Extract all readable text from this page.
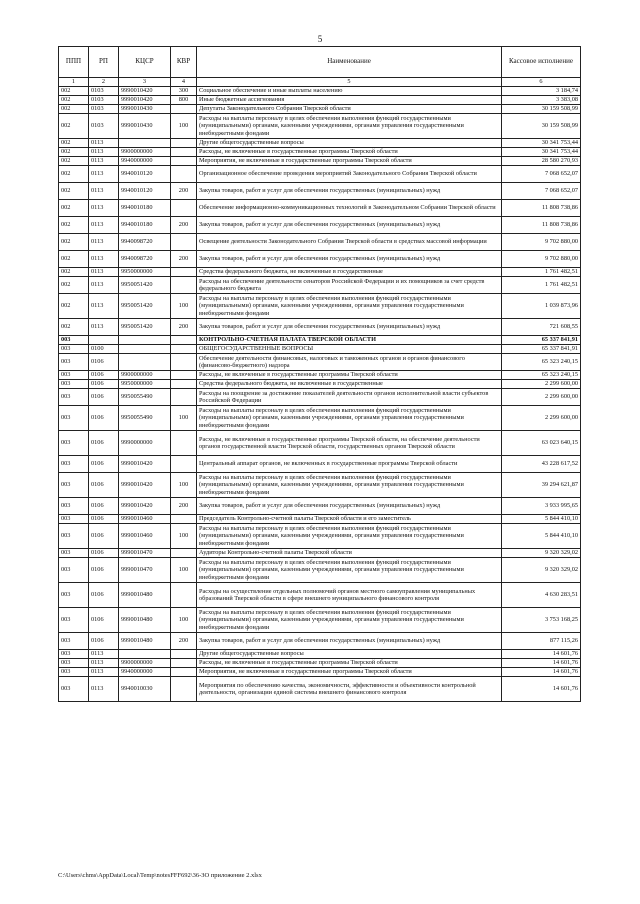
5
ППП	РП	КЦСР	КВР	Наименование	Кассовое исполнение
1	2	3	4	5	6
002	0103	9990010420	300	Социальное обеспечение и иные выплаты населению	3 184,74
002	0103	9990010420	800	Иные бюджетные ассигнования	3 383,08
002	0103	9990010430		Депутаты Законодательного Собрания Тверской области	30 159 508,99
002	0103	9990010430	100	Расходы на выплаты персоналу в целях обеспечения выполнения функций государственными (муниципальными) органами, казенными учреждениями, органами управления государственными внебюджетными фондами	30 159 508,99
002	0113			Другие общегосударственные вопросы	30 341 753,44
002	0113	9900000000		Расходы, не включенные в государственные программы Тверской области	30 341 753,44
002	0113	9940000000		Мероприятия, не включенные в государственные программы Тверской области	28 580 270,93
002	0113	9940010120		Организационное обеспечение проведения мероприятий Законодательного Собрания Тверской области	7 068 652,07
002	0113	9940010120	200	Закупка товаров, работ и услуг для обеспечения государственных (муниципальных) нужд	7 068 652,07
002	0113	9940010180		Обеспечение информационно-коммуникационных технологий в Законодательном Собрании Тверской области	11 808 738,86
002	0113	9940010180	200	Закупка товаров, работ и услуг для обеспечения государственных (муниципальных) нужд	11 808 738,86
002	0113	9940098720		Освещение деятельности Законодательного Собрания Тверской области в средствах массовой информации	9 702 880,00
002	0113	9940098720	200	Закупка товаров, работ и услуг для обеспечения государственных (муниципальных) нужд	9 702 880,00
002	0113	9950000000		Средства федерального бюджета, не включенные в государственные	1 761 482,51
002	0113	9950051420		Расходы на обеспечение деятельности сенаторов Российской Федерации и их помощников за счет средств федерального бюджета	1 761 482,51
002	0113	9950051420	100	Расходы на выплаты персоналу в целях обеспечения выполнения функций государственными (муниципальными) органами, казенными учреждениями, органами управления государственными внебюджетными фондами	1 039 873,96
002	0113	9950051420	200	Закупка товаров, работ и услуг для обеспечения государственных (муниципальных) нужд	721 608,55
003				КОНТРОЛЬНО-СЧЕТНАЯ ПАЛАТА ТВЕРСКОЙ ОБЛАСТИ	65 337 841,91
003	0100			ОБЩЕГОСУДАРСТВЕННЫЕ ВОПРОСЫ	65 337 841,91
003	0106			Обеспечение деятельности финансовых, налоговых и таможенных органов и органов финансового (финансово-бюджетного) надзора	65 323 240,15
003	0106	9900000000		Расходы, не включенные в государственные программы Тверской области	65 323 240,15
003	0106	9950000000		Средства федерального бюджета, не включенные в государственные	2 299 600,00
003	0106	9950055490		Расходы на поощрение за достижение показателей деятельности органов исполнительной власти субъектов Российской Федерации	2 299 600,00
003	0106	9950055490	100	Расходы на выплаты персоналу в целях обеспечения выполнения функций государственными (муниципальными) органами, казенными учреждениями, органами управления государственными внебюджетными фондами	2 299 600,00
003	0106	9990000000		Расходы, не включенные в государственные программы Тверской области, на обеспечение деятельности органов государственной власти Тверской области, государственных органов Тверской области	63 023 640,15
003	0106	9990010420		Центральный аппарат органов, не включенных в государственные программы Тверской области	43 228 617,52
003	0106	9990010420	100	Расходы на выплаты персоналу в целях обеспечения выполнения функций государственными (муниципальными) органами, казенными учреждениями, органами управления государственными внебюджетными фондами	39 294 621,87
003	0106	9990010420	200	Закупка товаров, работ и услуг для обеспечения государственных (муниципальных) нужд	3 933 995,65
003	0106	9990010460		Председатель Контрольно-счетной палаты Тверской области и его заместитель	5 844 410,10
003	0106	9990010460	100	Расходы на выплаты персоналу в целях обеспечения выполнения функций государственными (муниципальными) органами, казенными учреждениями, органами управления государственными внебюджетными фондами	5 844 410,10
003	0106	9990010470		Аудиторы Контрольно-счетной палаты Тверской области	9 320 329,02
003	0106	9990010470	100	Расходы на выплаты персоналу в целях обеспечения выполнения функций государственными (муниципальными) органами, казенными учреждениями, органами управления государственными внебюджетными фондами	9 320 329,02
003	0106	9990010480		Расходы на осуществление отдельных полномочий органов местного самоуправления муниципальных образований Тверской области в сфере внешнего муниципального финансового контроля	4 630 283,51
003	0106	9990010480	100	Расходы на выплаты персоналу в целях обеспечения выполнения функций государственными (муниципальными) органами, казенными учреждениями, органами управления государственными внебюджетными фондами	3 753 168,25
003	0106	9990010480	200	Закупка товаров, работ и услуг для обеспечения государственных (муниципальных) нужд	877 115,26
003	0113			Другие общегосударственные вопросы	14 601,76
003	0113	9900000000		Расходы, не включенные в государственные программы Тверской области	14 601,76
003	0113	9940000000		Мероприятия, не включенные в государственные программы Тверской области	14 601,76
003	0113	9940010030		Мероприятия по обеспечению качества, экономичности, эффективности и объективности контрольной деятельности, организации единой системы внешнего финансового контроля	14 601,76
C:\Users\chms\AppData\Local\Temp\notesFFF692\36-ЗО приложение 2.xlsx
